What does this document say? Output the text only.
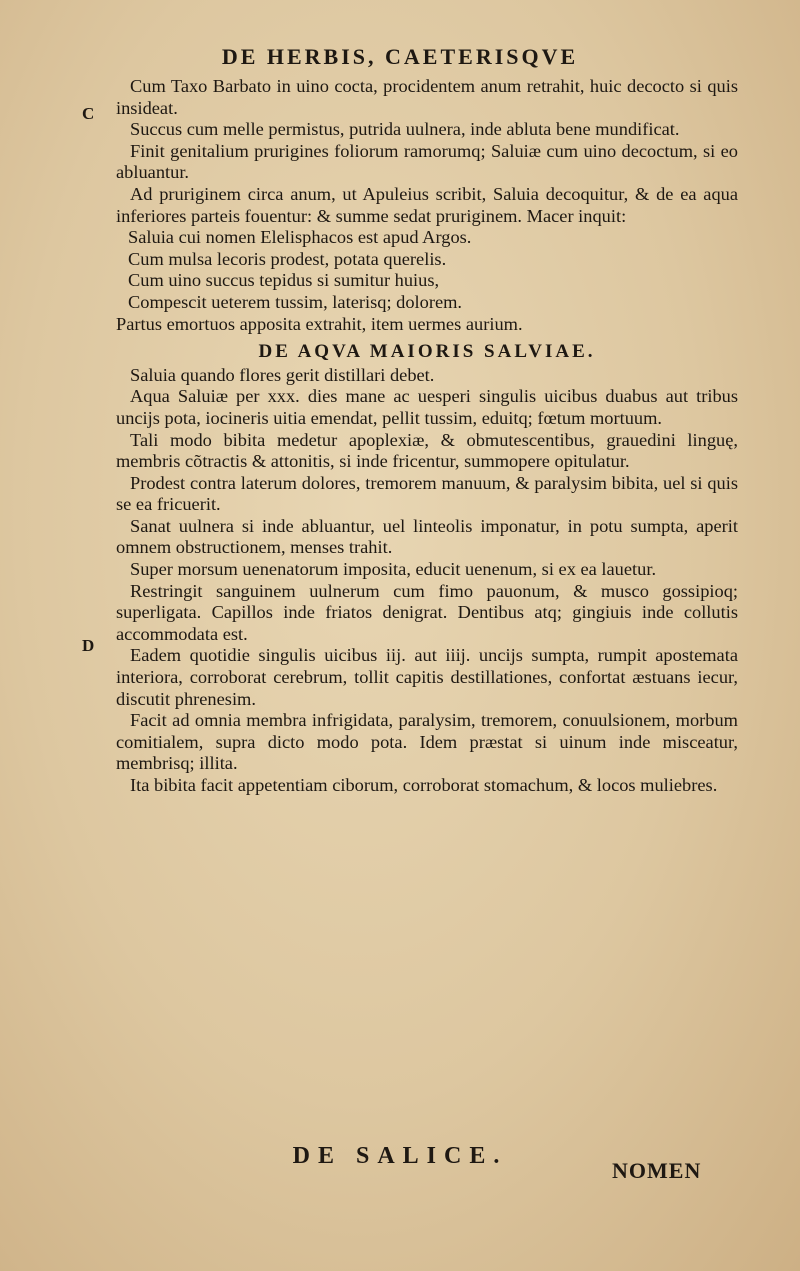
DE HERBIS, CAETERISQVE
C
D

Cum Taxo Barbato in uino cocta, procidentem anum retrahit, huic decocto si quis insideat.

Succus cum melle permistus, putrida uulnera, inde abluta bene mundificat.

Finit genitalium prurigines foliorum ramorumq; Saluiæ cum uino decoctum, si eo abluantur.

Ad pruriginem circa anum, ut Apuleius scribit, Saluia decoquitur, & de ea aqua inferiores parteis fouentur: & summe sedat pruriginem. Macer inquit:

Saluia cui nomen Elelisphacos est apud Argos.

Cum mulsa lecoris prodest, potata querelis.

Cum uino succus tepidus si sumitur huius,

Compescit ueterem tussim, laterisq; dolorem.

Partus emortuos apposita extrahit, item uermes aurium.

DE AQVA MAIORIS SALVIAE.

Saluia quando flores gerit distillari debet.

Aqua Saluiæ per xxx. dies mane ac uesperi singulis uicibus duabus aut tribus uncijs pota, iocineris uitia emendat, pellit tussim, eduitq; fœtum mortuum.

Tali modo bibita medetur apoplexiæ, & obmutescentibus, grauedini linguę, membris cõtractis & attonitis, si inde fricentur, summopere opitulatur.

Prodest contra laterum dolores, tremorem manuum, & paralysim bibita, uel si quis se ea fricuerit.

Sanat uulnera si inde abluantur, uel linteolis imponatur, in potu sumpta, aperit omnem obstructionem, menses trahit.

Super morsum uenenatorum imposita, educit uenenum, si ex ea lauetur.

Restringit sanguinem uulnerum cum fimo pauonum, & musco gossipioq; superligata. Capillos inde friatos denigrat. Dentibus atq; gingiuis inde collutis accommodata est.

Eadem quotidie singulis uicibus iij. aut iiij. uncijs sumpta, rumpit apostemata interiora, corroborat cerebrum, tollit capitis destillationes, confortat æstuans iecur, discutit phrenesim.

Facit ad omnia membra infrigidata, paralysim, tremorem, conuulsionem, morbum comitialem, supra dicto modo pota. Idem præstat si uinum inde misceatur, membrisq; illita.

Ita bibita facit appetentiam ciborum, corroborat stomachum, & locos muliebres.

DE SALICE.
NOMEN
